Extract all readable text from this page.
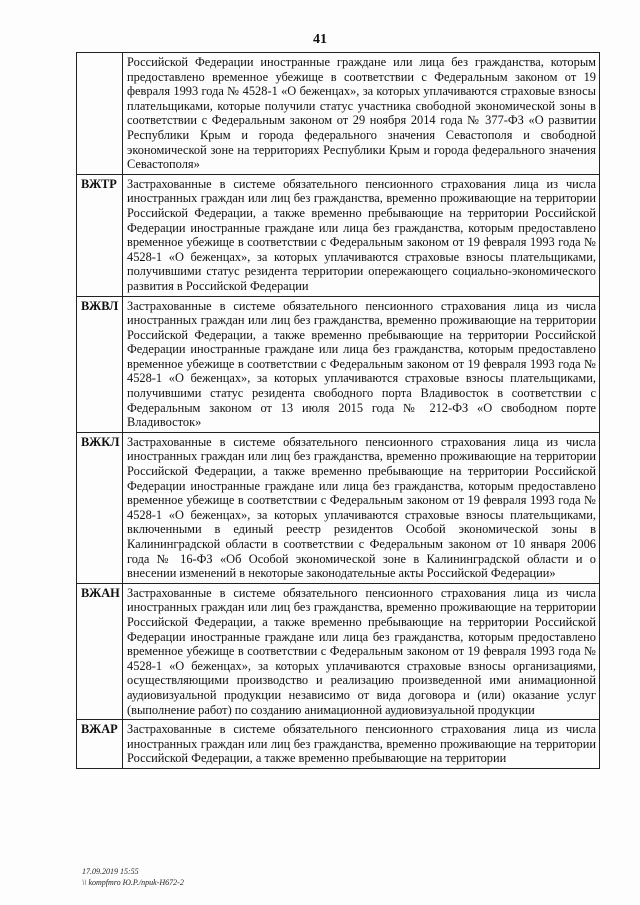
41
	Российской Федерации иностранные граждане или лица без гражданства, которым предоставлено временное убежище в соответствии с Федеральным законом от 19 февраля 1993 года № 4528-1 «О беженцах», за которых уплачиваются страховые взносы плательщиками, которые получили статус участника свободной экономической зоны в соответствии с Федеральным законом от 29 ноября 2014 года № 377-ФЗ «О развитии Республики Крым и города федерального значения Севастополя и свободной экономической зоне на территориях Республики Крым и города федерального значения Севастополя»
ВЖТР	Застрахованные в системе обязательного пенсионного страхования лица из числа иностранных граждан или лиц без гражданства, временно проживающие на территории Российской Федерации, а также временно пребывающие на территории Российской Федерации иностранные граждане или лица без гражданства, которым предоставлено временное убежище в соответствии с Федеральным законом от 19 февраля 1993 года № 4528-1 «О беженцах», за которых уплачиваются страховые взносы плательщиками, получившими статус резидента территории опережающего социально-экономического развития в Российской Федерации
ВЖВЛ	Застрахованные в системе обязательного пенсионного страхования лица из числа иностранных граждан или лиц без гражданства, временно проживающие на территории Российской Федерации, а также временно пребывающие на территории Российской Федерации иностранные граждане или лица без гражданства, которым предоставлено временное убежище в соответствии с Федеральным законом от 19 февраля 1993 года № 4528-1 «О беженцах», за которых уплачиваются страховые взносы плательщиками, получившими статус резидента свободного порта Владивосток в соответствии с Федеральным законом от 13 июля 2015 года № 212-ФЗ «О свободном порте Владивосток»
ВЖКЛ	Застрахованные в системе обязательного пенсионного страхования лица из числа иностранных граждан или лиц без гражданства, временно проживающие на территории Российской Федерации, а также временно пребывающие на территории Российской Федерации иностранные граждане или лица без гражданства, которым предоставлено временное убежище в соответствии с Федеральным законом от 19 февраля 1993 года № 4528-1 «О беженцах», за которых уплачиваются страховые взносы плательщиками, включенными в единый реестр резидентов Особой экономической зоны в Калининградской области в соответствии с Федеральным законом от 10 января 2006 года № 16-ФЗ «Об Особой экономической зоне в Калининградской области и о внесении изменений в некоторые законодательные акты Российской Федерации»
ВЖАН	Застрахованные в системе обязательного пенсионного страхования лица из числа иностранных граждан или лиц без гражданства, временно проживающие на территории Российской Федерации, а также временно пребывающие на территории Российской Федерации иностранные граждане или лица без гражданства, которым предоставлено временное убежище в соответствии с Федеральным законом от 19 февраля 1993 года № 4528-1 «О беженцах», за которых уплачиваются страховые взносы организациями, осуществляющими производство и реализацию произведенной ими анимационной аудиовизуальной продукции независимо от вида договора и (или) оказание услуг (выполнение работ) по созданию анимационной аудиовизуальной продукции
ВЖАР	Застрахованные в системе обязательного пенсионного страхования лица из числа иностранных граждан или лиц без гражданства, временно проживающие на территории Российской Федерации, а также временно пребывающие на территории
17.09.2019 15:55
\\ kompfmro Ю.Р./приk-Н672-2
